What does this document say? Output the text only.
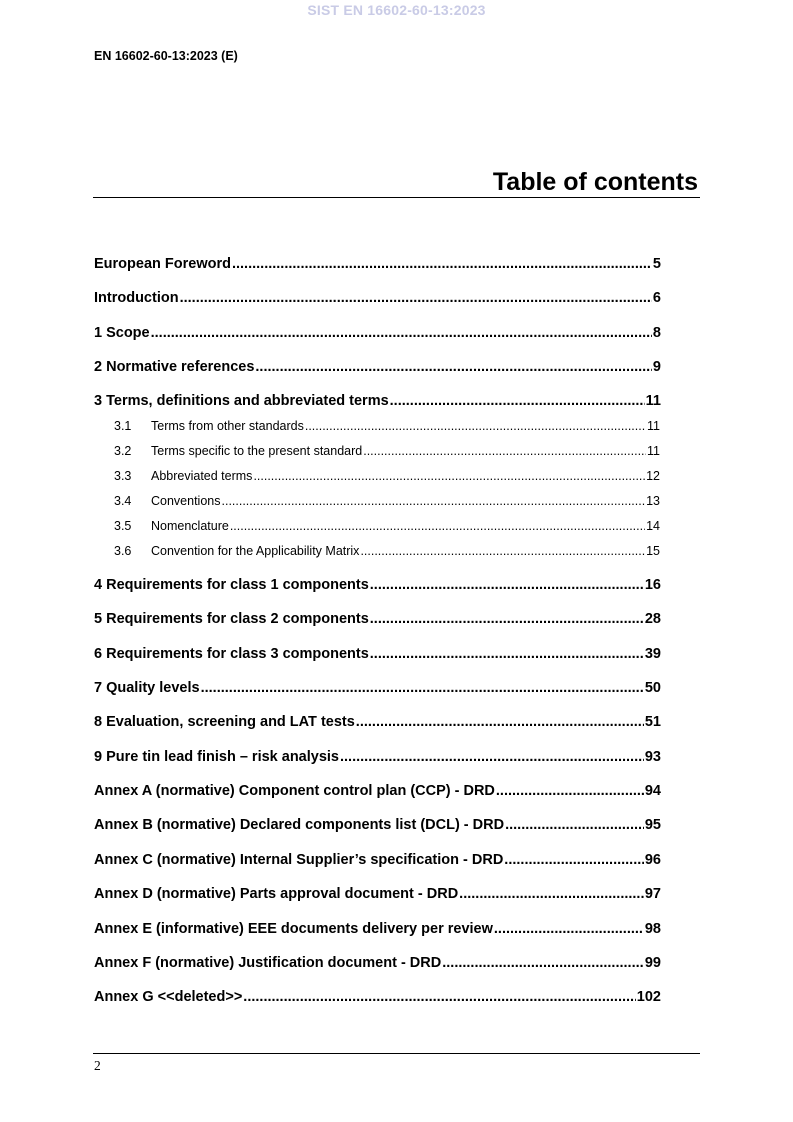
SIST EN 16602-60-13:2023
EN 16602-60-13:2023 (E)
Table of contents
European Foreword .....	5
Introduction .....	6
1 Scope .....	8
2 Normative references .....	9
3 Terms, definitions and abbreviated terms .....	11
3.1	Terms from other standards .....	11
3.2	Terms specific to the present standard .....	11
3.3	Abbreviated terms .....	12
3.4	Conventions .....	13
3.5	Nomenclature .....	14
3.6	Convention for the Applicability Matrix .....	15
4 Requirements for class 1 components .....	16
5 Requirements for class 2 components .....	28
6 Requirements for class 3 components .....	39
7 Quality levels .....	50
8 Evaluation, screening and LAT tests .....	51
9 Pure tin lead finish – risk analysis .....	93
Annex A (normative) Component control plan (CCP) - DRD .....	94
Annex B (normative) Declared components list (DCL) - DRD .....	95
Annex C (normative) Internal Supplier’s specification - DRD .....	96
Annex D (normative) Parts approval document - DRD .....	97
Annex E (informative) EEE documents delivery per review .....	98
Annex F (normative) Justification document - DRD .....	99
Annex G <<deleted>> .....	102
2
